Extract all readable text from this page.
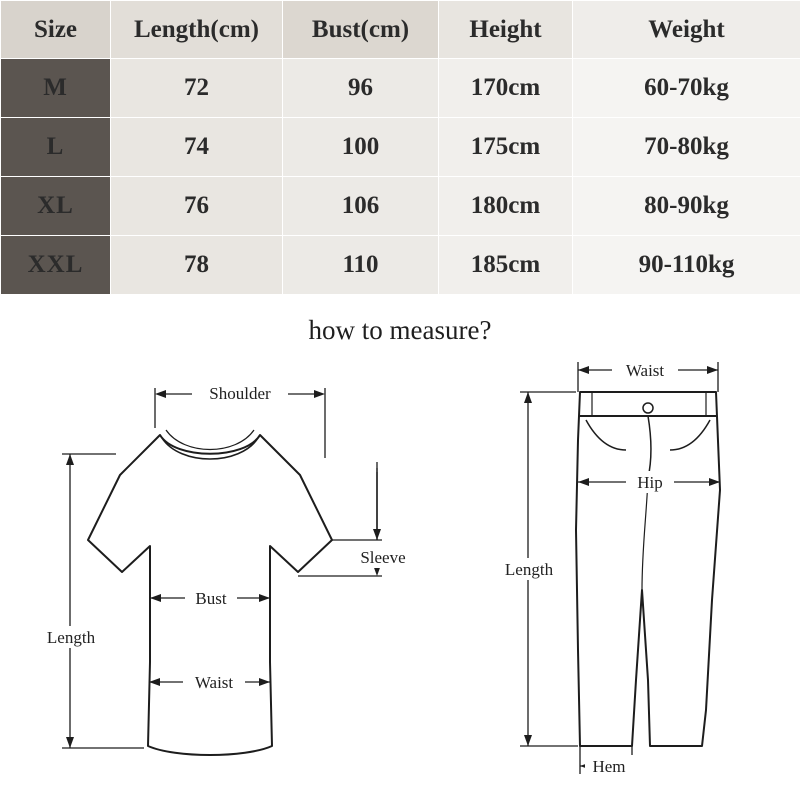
Size	Length(cm)	Bust(cm)	Height	Weight
M	72	96	170cm	60-70kg
L	74	100	175cm	70-80kg
XL	76	106	180cm	80-90kg
XXL	78	110	185cm	90-110kg
how to measure?
Shoulder
Sleeve
Bust
Waist
Length
Waist
Hip
Length
Hem
